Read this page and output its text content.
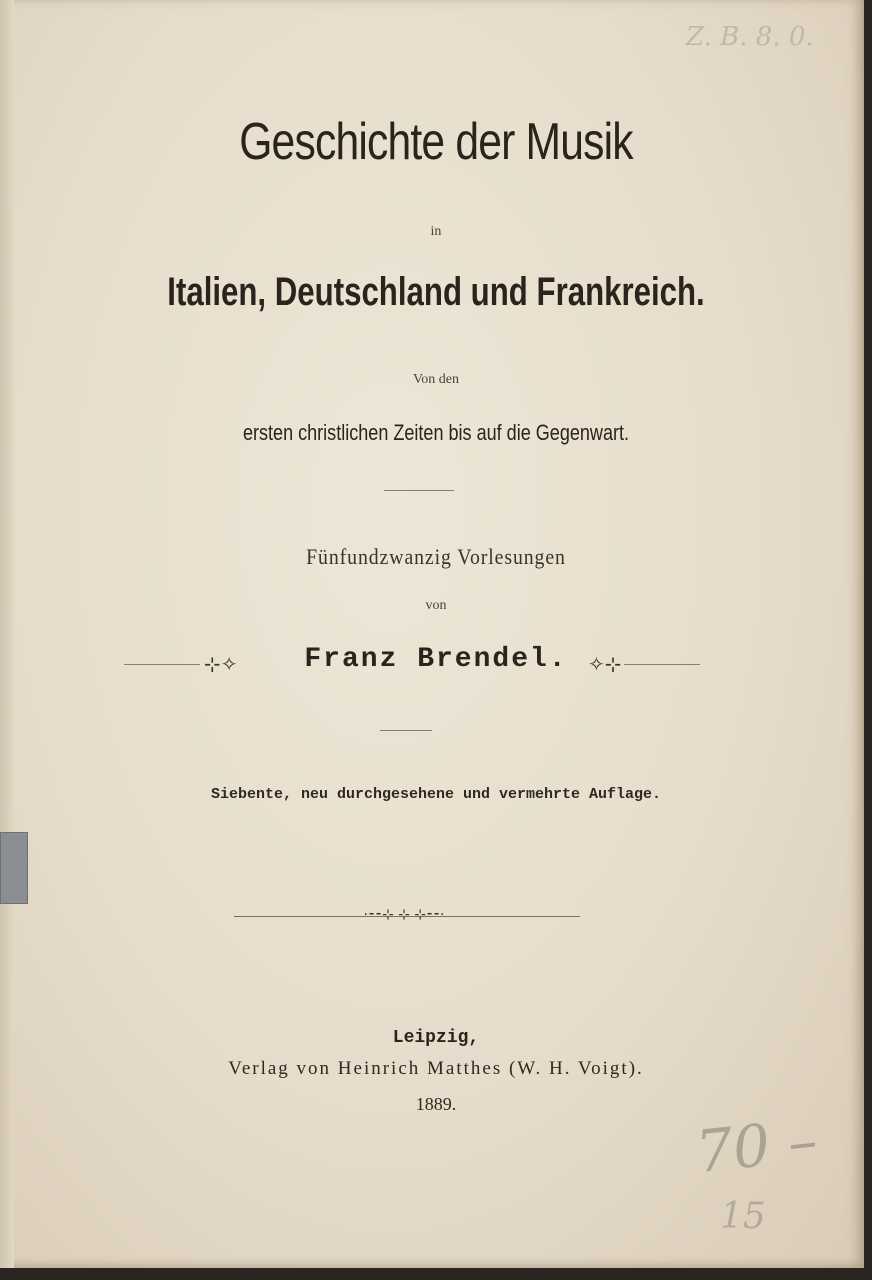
Z. B. 8. 0.
Geschichte der Musik
in
Italien, Deutschland und Frankreich.
Von den
ersten christlichen Zeiten bis auf die Gegenwart.
Fünfundzwanzig Vorlesungen
von
⊹✧	Franz Brendel.	✧⊹
Siebente, neu durchgesehene und vermehrte Auflage.
·⁃⁃⊹ ⊹ ⊹⁃⁃·
Leipzig,
Verlag von Heinrich Matthes (W. H. Voigt).
1889.
70 –
15
